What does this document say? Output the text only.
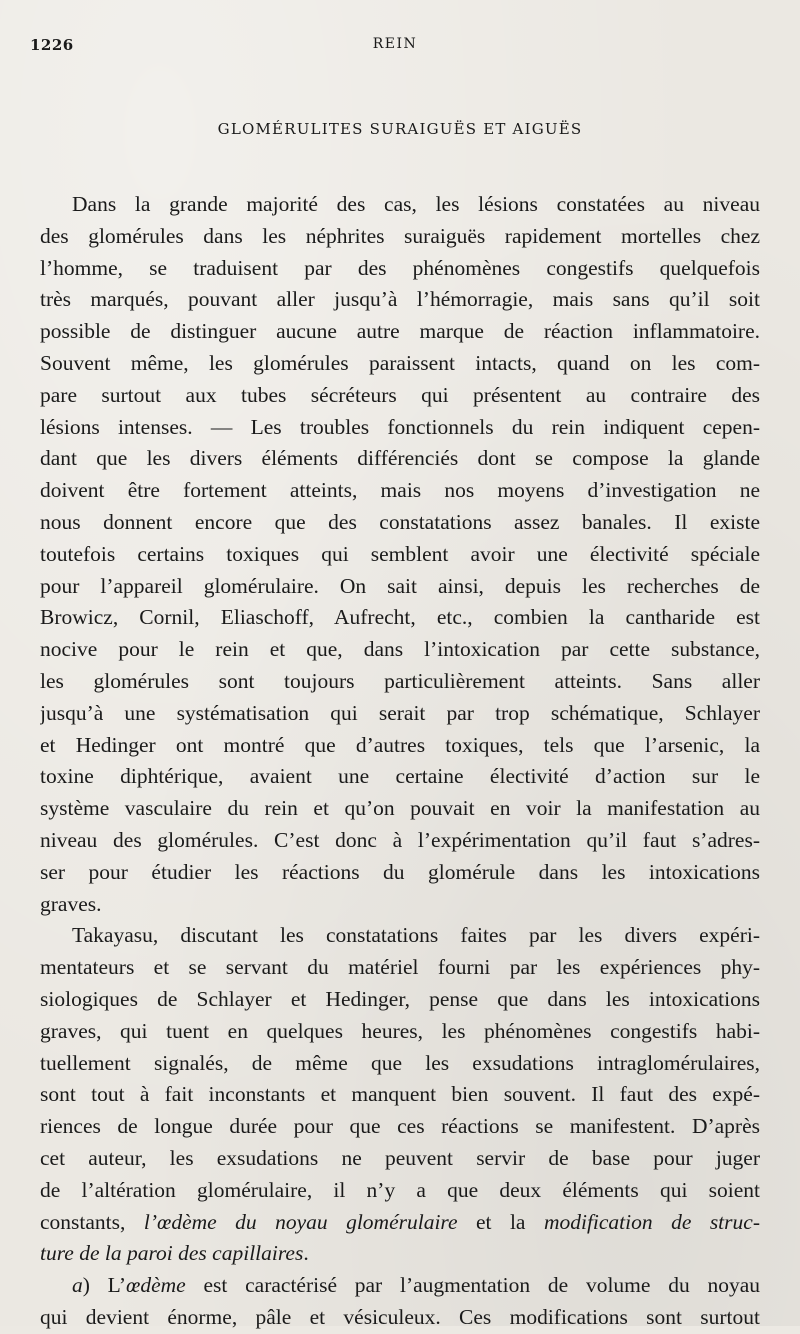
1226	REIN
GLOMÉRULITES SURAIGUËS ET AIGUËS
Dans la grande majorité des cas, les lésions constatées au niveau
des glomérules dans les néphrites suraiguës rapidement mortelles chez
l’homme, se traduisent par des phénomènes congestifs quelquefois
très marqués, pouvant aller jusqu’à l’hémorragie, mais sans qu’il soit
possible de distinguer aucune autre marque de réaction inflammatoire.
Souvent même, les glomérules paraissent intacts, quand on les com-
pare surtout aux tubes sécréteurs qui présentent au contraire des
lésions intenses. — Les troubles fonctionnels du rein indiquent cepen-
dant que les divers éléments différenciés dont se compose la glande
doivent être fortement atteints, mais nos moyens d’investigation ne
nous donnent encore que des constatations assez banales. Il existe
toutefois certains toxiques qui semblent avoir une électivité spéciale
pour l’appareil glomérulaire. On sait ainsi, depuis les recherches de
Browicz, Cornil, Eliaschoff, Aufrecht, etc., combien la cantharide est
nocive pour le rein et que, dans l’intoxication par cette substance,
les glomérules sont toujours particulièrement atteints. Sans aller
jusqu’à une systématisation qui serait par trop schématique, Schlayer
et Hedinger ont montré que d’autres toxiques, tels que l’arsenic, la
toxine diphtérique, avaient une certaine électivité d’action sur le
système vasculaire du rein et qu’on pouvait en voir la manifestation au
niveau des glomérules. C’est donc à l’expérimentation qu’il faut s’adres-
ser pour étudier les réactions du glomérule dans les intoxications
graves.
Takayasu, discutant les constatations faites par les divers expéri-
mentateurs et se servant du matériel fourni par les expériences phy-
siologiques de Schlayer et Hedinger, pense que dans les intoxications
graves, qui tuent en quelques heures, les phénomènes congestifs habi-
tuellement signalés, de même que les exsudations intraglomérulaires,
sont tout à fait inconstants et manquent bien souvent. Il faut des expé-
riences de longue durée pour que ces réactions se manifestent. D’après
cet auteur, les exsudations ne peuvent servir de base pour juger
de l’altération glomérulaire, il n’y a que deux éléments qui soient
constants, l’œdème du noyau glomérulaire et la modification de struc-
ture de la paroi des capillaires.
a) L’œdème est caractérisé par l’augmentation de volume du noyau
qui devient énorme, pâle et vésiculeux. Ces modifications sont surtout
